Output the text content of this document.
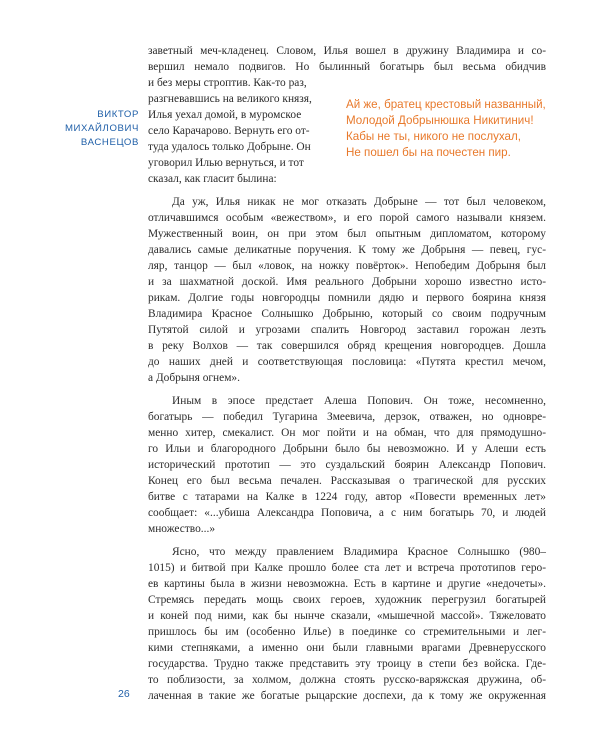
ВИКТОР
МИХАЙЛОВИЧ
ВАСНЕЦОВ
Ай же, братец крестовый названный,
Молодой Добрынюшка Никитинич!
Кабы не ты, никого не послухал,
Не пошел бы на почестен пир.
заветный меч-кладенец. Словом, Илья вошел в дружину Владимира и со-
вершил немало подвигов. Но былинный богатырь был весьма обидчив
и без меры строптив. Как-то раз,
разгневавшись на великого князя,
Илья уехал домой, в муромское
село Карачарово. Вернуть его от-
туда удалось только Добрыне. Он
уговорил Илью вернуться, и тот
сказал, как гласит былина:
Да уж, Илья никак не мог отказать Добрыне — тот был человеком,
отличавшимся особым «вежеством», и его порой самого называли князем.
Мужественный воин, он при этом был опытным дипломатом, которому
давались самые деликатные поручения. К тому же Добрыня — певец, гус-
ляр, танцор — был «ловок, на ножку повёрток». Непобедим Добрыня был
и за шахматной доской. Имя реального Добрыни хорошо известно исто-
рикам. Долгие годы новгородцы помнили дядю и первого боярина князя
Владимира Красное Солнышко Добрыню, который со своим подручным
Путятой силой и угрозами спалить Новгород заставил горожан лезть
в реку Волхов — так совершился обряд крещения новгородцев. Дошла
до наших дней и соответствующая пословица: «Путята крестил мечом,
а Добрыня огнем».
Иным в эпосе предстает Алеша Попович. Он тоже, несомненно,
богатырь — победил Тугарина Змеевича, дерзок, отважен, но одновре-
менно хитер, смекалист. Он мог пойти и на обман, что для прямодушно-
го Ильи и благородного Добрыни было бы невозможно. И у Алеши есть
исторический прототип — это суздальский боярин Александр Попович.
Конец его был весьма печален. Рассказывая о трагической для русских
битве с татарами на Калке в 1224 году, автор «Повести временных лет»
сообщает: «...убиша Александра Поповича, а с ним богатырь 70, и людей
множество...»
Ясно, что между правлением Владимира Красное Солнышко (980–
1015) и битвой при Калке прошло более ста лет и встреча прототипов геро-
ев картины была в жизни невозможна. Есть в картине и другие «недочеты».
Стремясь передать мощь своих героев, художник перегрузил богатырей
и коней под ними, как бы нынче сказали, «мышечной массой». Тяжеловато
пришлось бы им (особенно Илье) в поединке со стремительными и лег-
кими степняками, а именно они были главными врагами Древнерусского
государства. Трудно также представить эту троицу в степи без войска. Где-
то поблизости, за холмом, должна стоять русско-варяжская дружина, об-
лаченная в такие же богатые рыцарские доспехи, да к тому же окруженная
26
